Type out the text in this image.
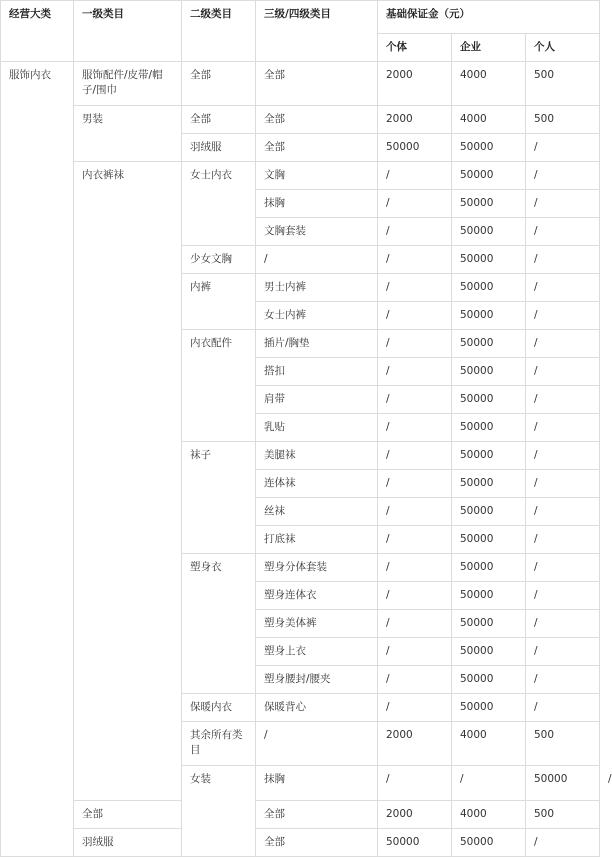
经营大类	一级类目	二级类目	三级/四级类目	基础保证金（元）			
				个体	企业	个人	
服饰内衣	服饰配件/皮带/帽子/围巾	全部	全部	2000	4000	500	
	男装	全部	全部	2000	4000	500	
		羽绒服	全部	50000	50000	/	
	内衣裤袜	女士内衣	文胸	/	50000	/	
			抹胸	/	50000	/	
			文胸套装	/	50000	/	
		少女文胸	/	/	50000	/	
		内裤	男士内裤	/	50000	/	
			女士内裤	/	50000	/	
		内衣配件	插片/胸垫	/	50000	/	
			搭扣	/	50000	/	
			肩带	/	50000	/	
			乳贴	/	50000	/	
		袜子	美腿袜	/	50000	/	
			连体袜	/	50000	/	
			丝袜	/	50000	/	
			打底袜	/	50000	/	
		塑身衣	塑身分体套装	/	50000	/	
			塑身连体衣	/	50000	/	
			塑身美体裤	/	50000	/	
			塑身上衣	/	50000	/	
			塑身腰封/腰夹	/	50000	/	
		保暖内衣	保暖背心	/	50000	/	
		其余所有类目	/	2000	4000	500	
		女装	抹胸	/	/	50000	/
	全部		全部	2000	4000	500	
	羽绒服		全部	50000	50000	/	
